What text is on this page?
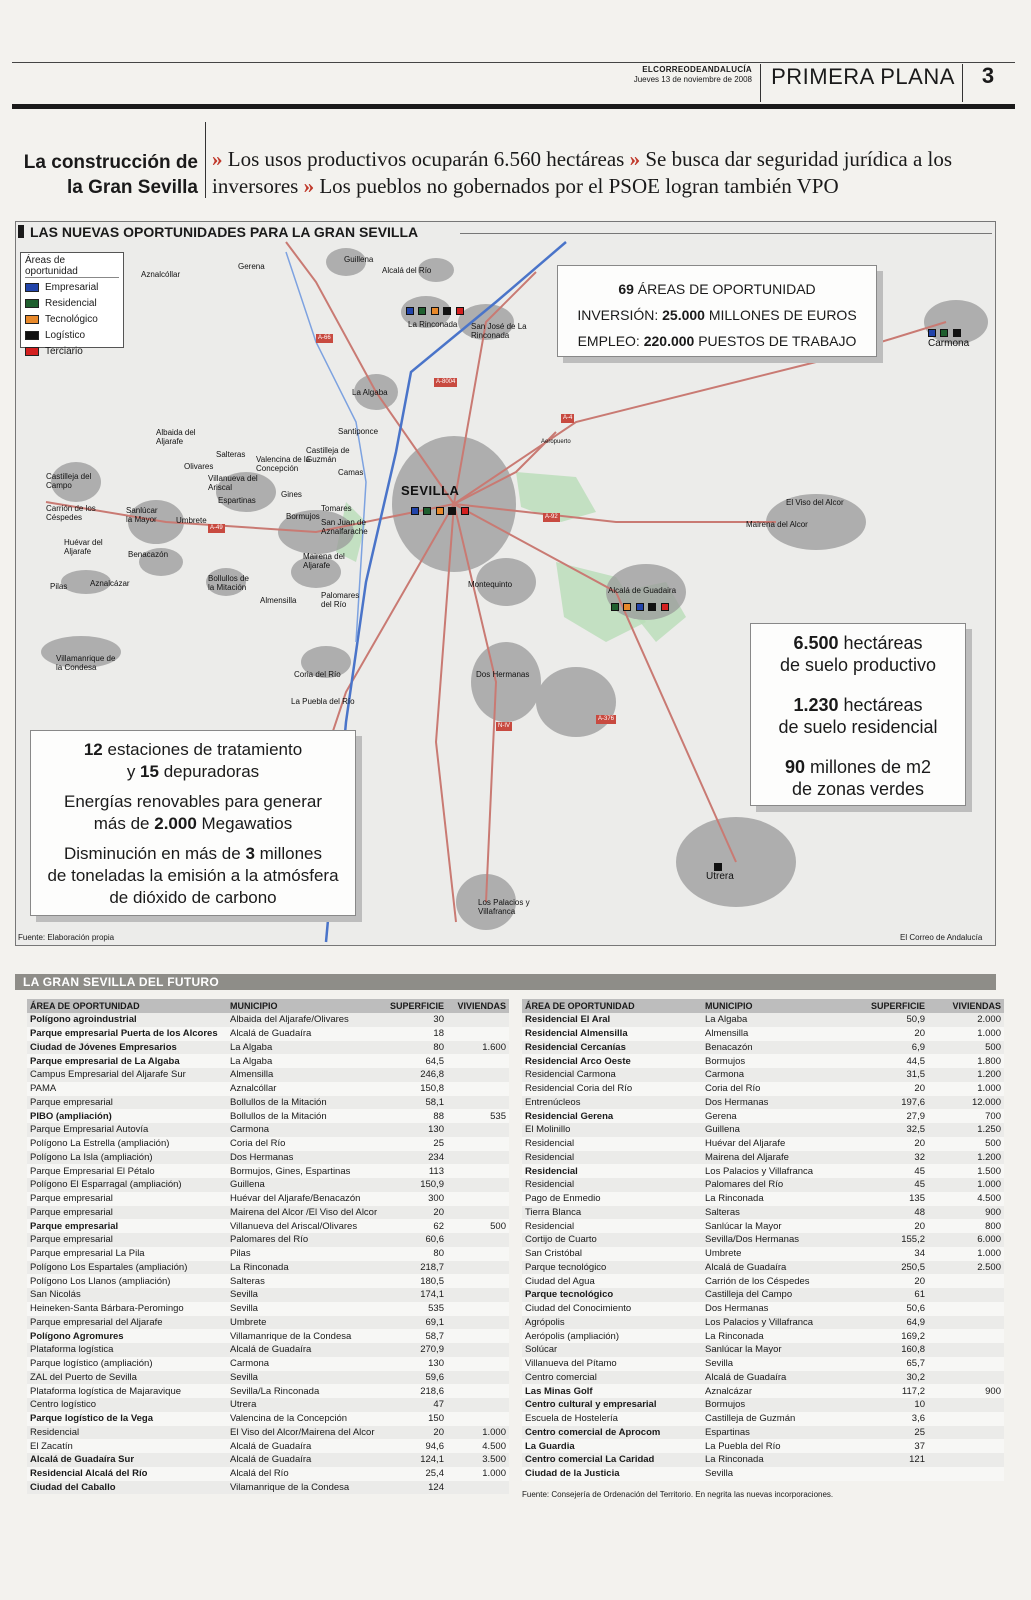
ELCORREODEANDALUCÍA
Jueves 13 de noviembre de 2008 PRIMERA PLANA	3
La construcción de la Gran Sevilla
» Los usos productivos ocuparán 6.560 hectáreas » Se busca dar seguridad jurídica a los inversores » Los pueblos no gobernados por el PSOE logran también VPO
Aznalcóllar
Gerena
Guillena
Alcalá del Río
La Rinconada San José de La Rinconada
Carmona
La Algaba
Aeropuerto
Albaida del Aljarafe
Salteras
Valencina de la Concepción
Castilleja de Guzmán
Santiponce
Olivares
Camas
Villanueva del Ariscal
Espartinas
Gines
Bormujos
Tomares
San Juan de Aznalfarache
SEVILLA
Castilleja del Campo
Carrión de los Céspedes
Sanlúcar la Mayor	Umbrete
Huévar del Aljarafe	Benacazón
El Viso del Alcor
Mairena del Alcor
Mairena del Aljarafe
Bollullos de la Mitación
Pilas	Aznalcázar
Almensilla
Palomares del Río
Montequinto
Alcalá de Guadaira
Villamanrique de la Condesa
Coria del Río
La Puebla del Río
Dos Hermanas
Utrera
Los Palacios y Villafranca
A-66
A-8004
A-4
A-49
A-92
A-376
N-IV

LAS NUEVAS OPORTUNIDADES PARA LA GRAN SEVILLA
Áreas de oportunidad
Empresarial
Residencial
Tecnológico
Logístico
Terciario
69 ÁREAS DE OPORTUNIDAD
INVERSIÓN: 25.000 MILLONES DE EUROS
EMPLEO: 220.000 PUESTOS DE TRABAJO
6.500 hectáreas
de suelo productivo
1.230 hectáreas
de suelo residencial
90 millones de m2
de zonas verdes
12 estaciones de tratamiento
y 15 depuradoras
Energías renovables para generar
más de 2.000 Megawatios
Disminución en más de 3 millones
de toneladas la emisión a la atmósfera
de dióxido de carbono
Fuente: Elaboración propia	El Correo de Andalucía
LA GRAN SEVILLA DEL FUTURO
ÁREA DE OPORTUNIDAD	MUNICIPIO	SUPERFICIE	VIVIENDAS
Polígono agroindustrial	Albaida del Aljarafe/Olivares	30	
Parque empresarial Puerta de los Alcores	Alcalá de Guadaíra	18	
Ciudad de Jóvenes Empresarios	La Algaba	80	1.600
Parque empresarial de La Algaba	La Algaba	64,5	
Campus Empresarial del Aljarafe Sur	Almensilla	246,8	
PAMA	Aznalcóllar	150,8	
Parque empresarial	Bollullos de la Mitación	58,1	
PIBO (ampliación)	Bollullos de la Mitación	88	535
Parque Empresarial Autovía	Carmona	130	
Polígono La Estrella (ampliación)	Coria del Río	25	
Polígono La Isla (ampliación)	Dos Hermanas	234	
Parque Empresarial El Pétalo	Bormujos, Gines, Espartinas	113	
Polígono El Esparragal (ampliación)	Guillena	150,9	
Parque empresarial	Huévar del Aljarafe/Benacazón	300	
Parque empresarial	Mairena del Alcor /El Viso del Alcor	20	
Parque empresarial	Villanueva del Ariscal/Olivares	62	500
Parque empresarial	Palomares del Río	60,6	
Parque empresarial La Pila	Pilas	80	
Polígono Los Espartales (ampliación)	La Rinconada	218,7	
Polígono Los Llanos (ampliación)	Salteras	180,5	
San Nicolás	Sevilla	174,1	
Heineken-Santa Bárbara-Peromingo	Sevilla	535	
Parque empresarial del Aljarafe	Umbrete	69,1	
Polígono Agromures	Villamanrique de la Condesa	58,7	
Plataforma logística	Alcalá de Guadaíra	270,9	
Parque logístico (ampliación)	Carmona	130	
ZAL del Puerto de Sevilla	Sevilla	59,6	
Plataforma logística de Majaravique	Sevilla/La Rinconada	218,6	
Centro logístico	Utrera	47	
Parque logístico de la Vega	Valencina de la Concepción	150	
Residencial	El Viso del Alcor/Mairena del Alcor	20	1.000
El Zacatín	Alcalá de Guadaíra	94,6	4.500
Alcalá de Guadaíra Sur	Alcalá de Guadaíra	124,1	3.500
Residencial Alcalá del Río	Alcalá del Río	25,4	1.000
Ciudad del Caballo	Vilamanrique de la Condesa	124	
ÁREA DE OPORTUNIDAD	MUNICIPIO	SUPERFICIE	VIVIENDAS
Residencial El Aral	La Algaba	50,9	2.000
Residencial Almensilla	Almensilla	20	1.000
Residencial Cercanías	Benacazón	6,9	500
Residencial Arco Oeste	Bormujos	44,5	1.800
Residencial Carmona	Carmona	31,5	1.200
Residencial Coria del Río	Coria del Río	20	1.000
Entrenúcleos	Dos Hermanas	197,6	12.000
Residencial Gerena	Gerena	27,9	700
El Molinillo	Guillena	32,5	1.250
Residencial	Huévar del Aljarafe	20	500
Residencial	Mairena del Aljarafe	32	1.200
Residencial	Los Palacios y Villafranca	45	1.500
Residencial	Palomares del Río	45	1.000
Pago de Enmedio	La Rinconada	135	4.500
Tierra Blanca	Salteras	48	900
Residencial	Sanlúcar la Mayor	20	800
Cortijo de Cuarto	Sevilla/Dos Hermanas	155,2	6.000
San Cristóbal	Umbrete	34	1.000
Parque tecnológico	Alcalá de Guadaíra	250,5	2.500
Ciudad del Agua	Carrión de los Céspedes	20	
Parque tecnológico	Castilleja del Campo	61	
Ciudad del Conocimiento	Dos Hermanas	50,6	
Agrópolis	Los Palacios y Villafranca	64,9	
Aerópolis (ampliación)	La Rinconada	169,2	
Solúcar	Sanlúcar la Mayor	160,8	
Villanueva del Pítamo	Sevilla	65,7	
Centro comercial	Alcalá de Guadaíra	30,2	
Las Minas Golf	Aznalcázar	117,2	900
Centro cultural y empresarial	Bormujos	10	
Escuela de Hostelería	Castilleja de Guzmán	3,6	
Centro comercial de Aprocom	Espartinas	25	
La Guardia	La Puebla del Río	37	
Centro comercial La Caridad	La Rinconada	121	
Ciudad de la Justicia	Sevilla		
Fuente: Consejería de Ordenación del Territorio. En negrita las nuevas incorporaciones.
